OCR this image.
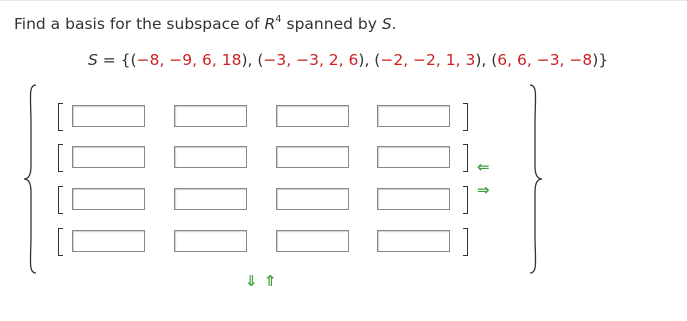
Find a basis for the subspace of $R^4$ spanned by S.
S = {(−8, −9, 6, 18), (−3, −3, 2, 6), (−2, −2, 1, 3), (6, 6, −3, −8)}
⇐
⇒
⇓ ⇑
